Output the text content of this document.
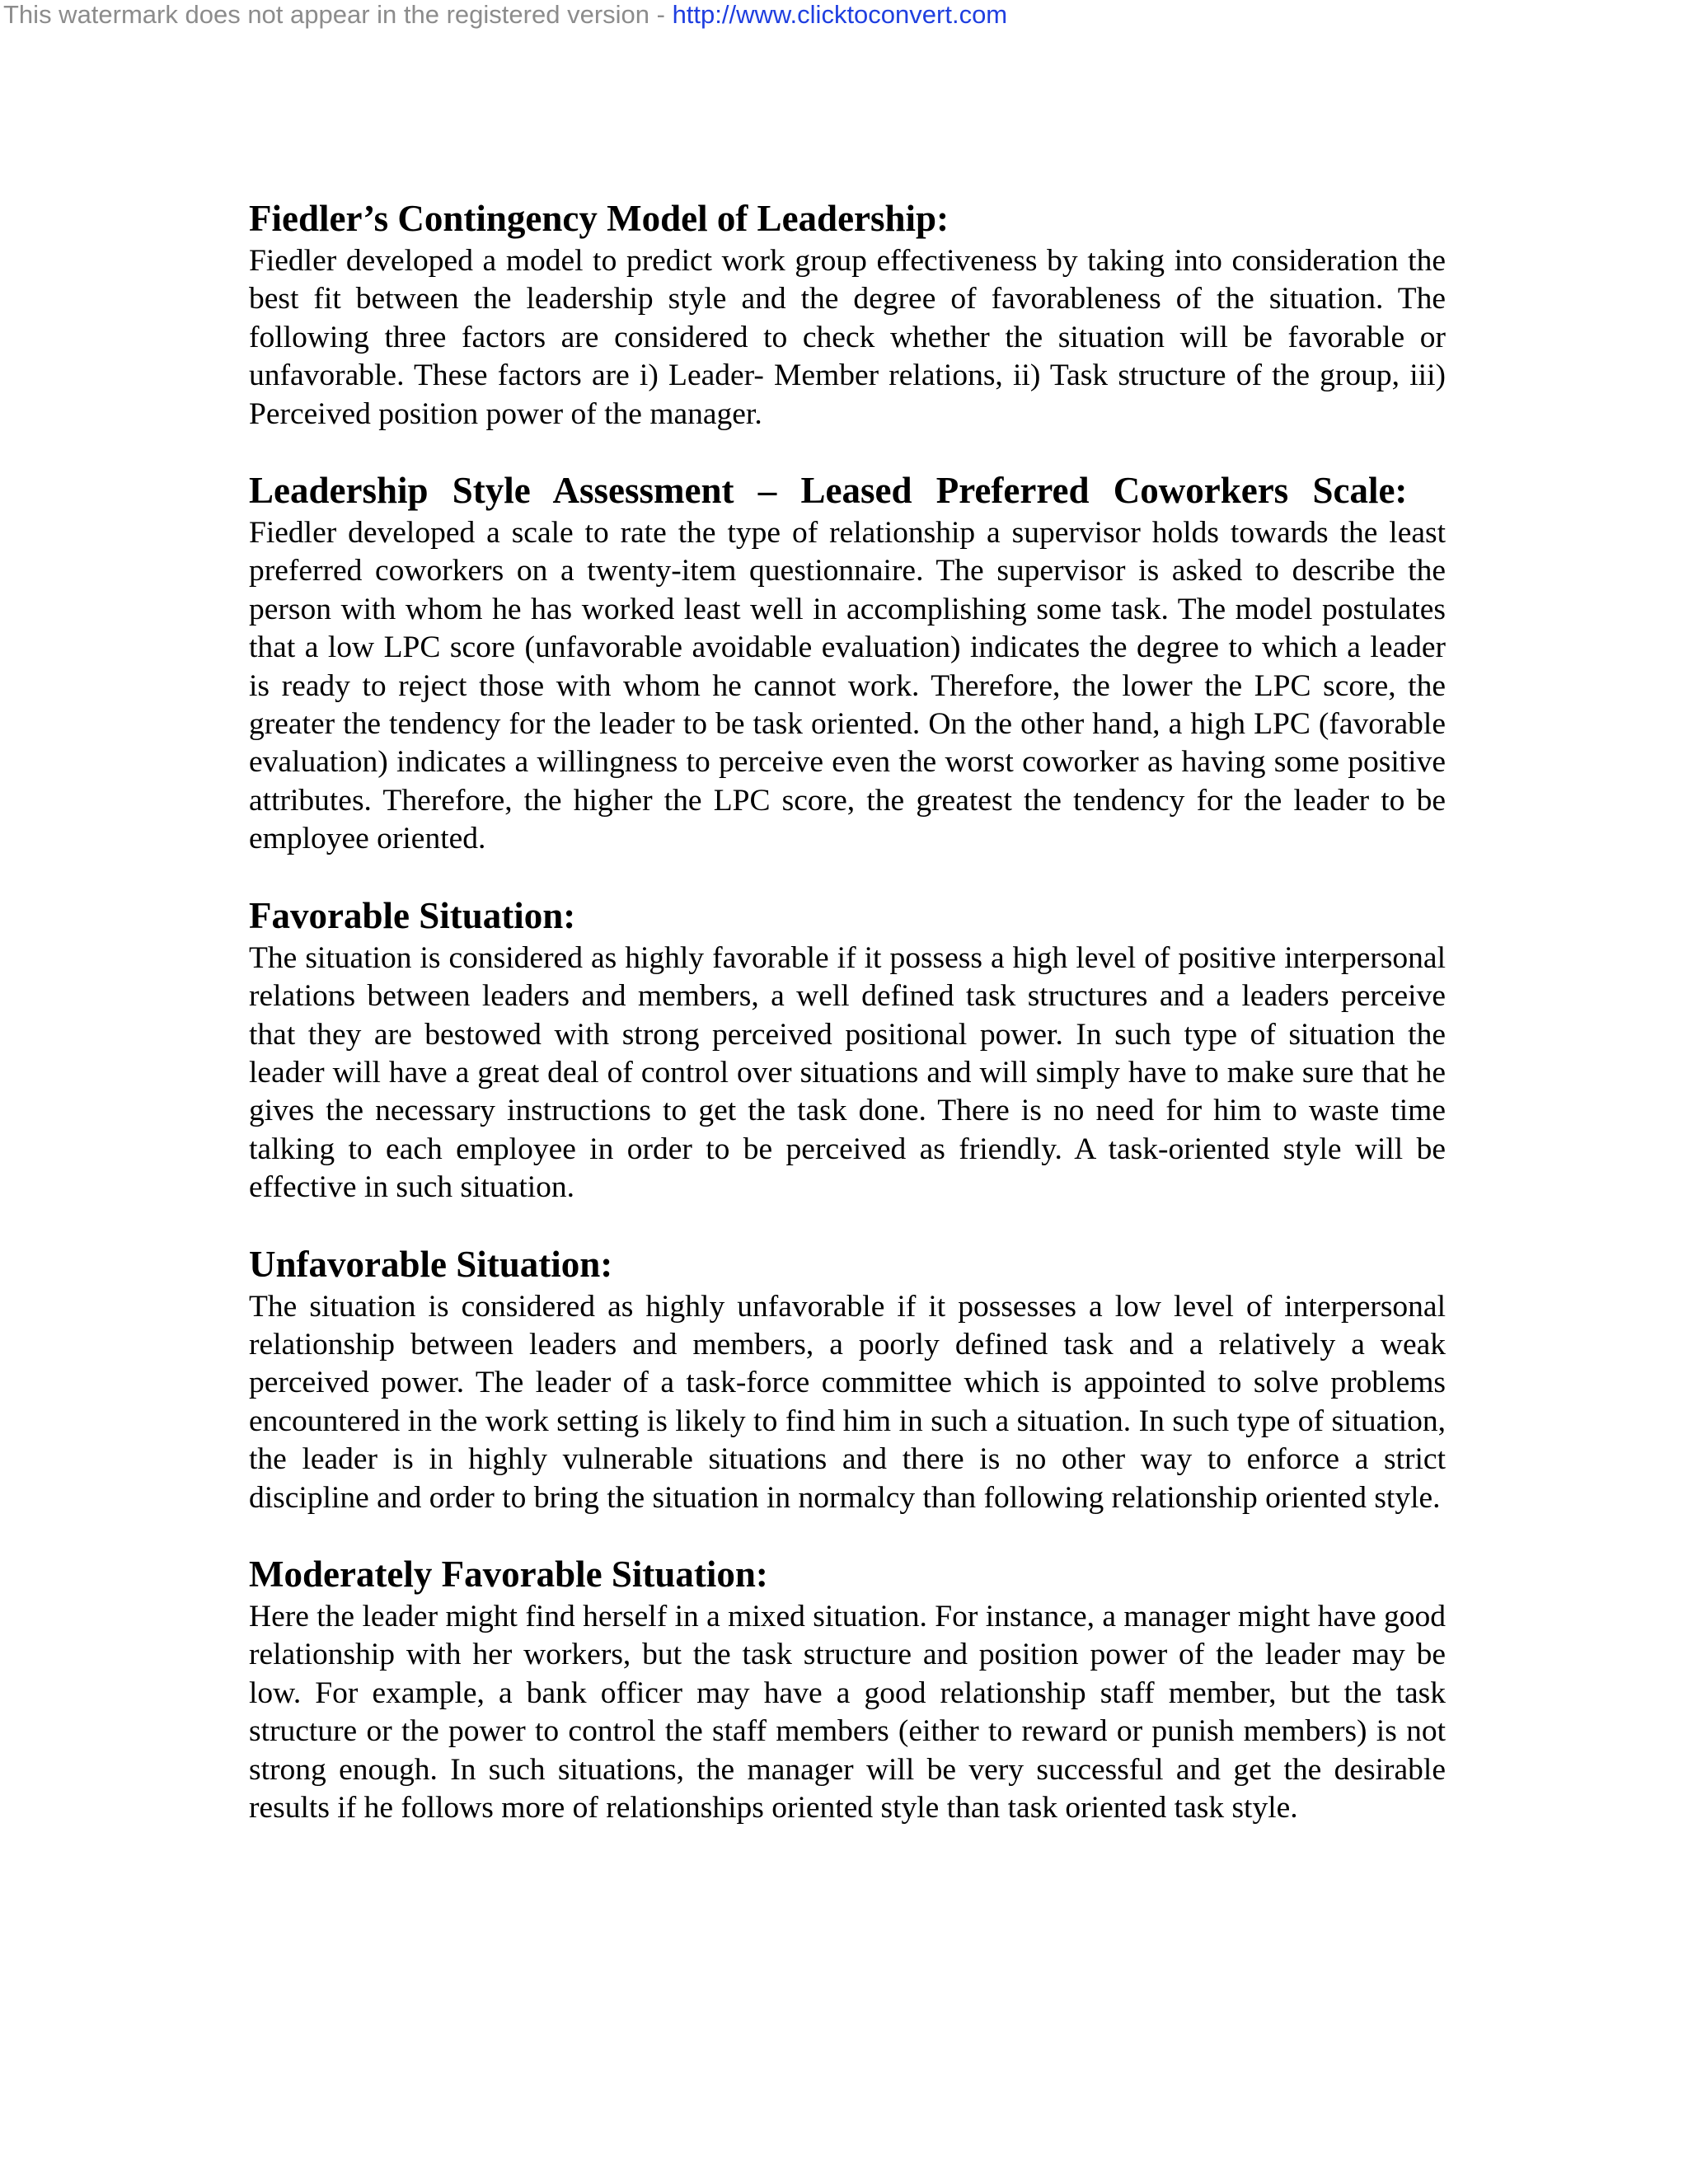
This watermark does not appear in the registered version - http://www.clicktoconvert.com
Fiedler’s Contingency Model of Leadership:

Fiedler developed a model to predict work group effectiveness by taking into consideration the best fit between the leadership style and the degree of favorableness of the situation. The following three factors are considered to check whether the situation will be favorable or unfavorable. These factors are i) Leader- Member relations, ii) Task structure of the group, iii) Perceived position power of the manager.

Leadership Style Assessment – Leased Preferred Coworkers Scale:

Fiedler developed a scale to rate the type of relationship a supervisor holds towards the least preferred coworkers on a twenty-item questionnaire. The supervisor is asked to describe the person with whom he has worked least well in accomplishing some task. The model postulates that a low LPC score (unfavorable avoidable evaluation) indicates the degree to which a leader is ready to reject those with whom he cannot work. Therefore, the lower the LPC score, the greater the tendency for the leader to be task oriented. On the other hand, a high LPC (favorable evaluation) indicates a willingness to perceive even the worst coworker as having some positive attributes. Therefore, the higher the LPC score, the greatest the tendency for the leader to be employee oriented.

Favorable Situation:

The situation is considered as highly favorable if it possess a high level of positive interpersonal relations between leaders and members, a well defined task structures and a leaders perceive that they are bestowed with strong perceived positional power. In such type of situation the leader will have a great deal of control over situations and will simply have to make sure that he gives the necessary instructions to get the task done. There is no need for him to waste time talking to each employee in order to be perceived as friendly. A task-oriented style will be effective in such situation.

Unfavorable Situation:

The situation is considered as highly unfavorable if it possesses a low level of interpersonal relationship between leaders and members, a poorly defined task and a relatively a weak perceived power. The leader of a task-force committee which is appointed to solve problems encountered in the work setting is likely to find him in such a situation. In such type of situation, the leader is in highly vulnerable situations and there is no other way to enforce a strict discipline and order to bring the situation in normalcy than following relationship oriented style.

Moderately Favorable Situation:

Here the leader might find herself in a mixed situation. For instance, a manager might have good relationship with her workers, but the task structure and position power of the leader may be low. For example, a bank officer may have a good relationship staff member, but the task structure or the power to control the staff members (either to reward or punish members) is not strong enough. In such situations, the manager will be very successful and get the desirable results if he follows more of relationships oriented style than task oriented task style.
